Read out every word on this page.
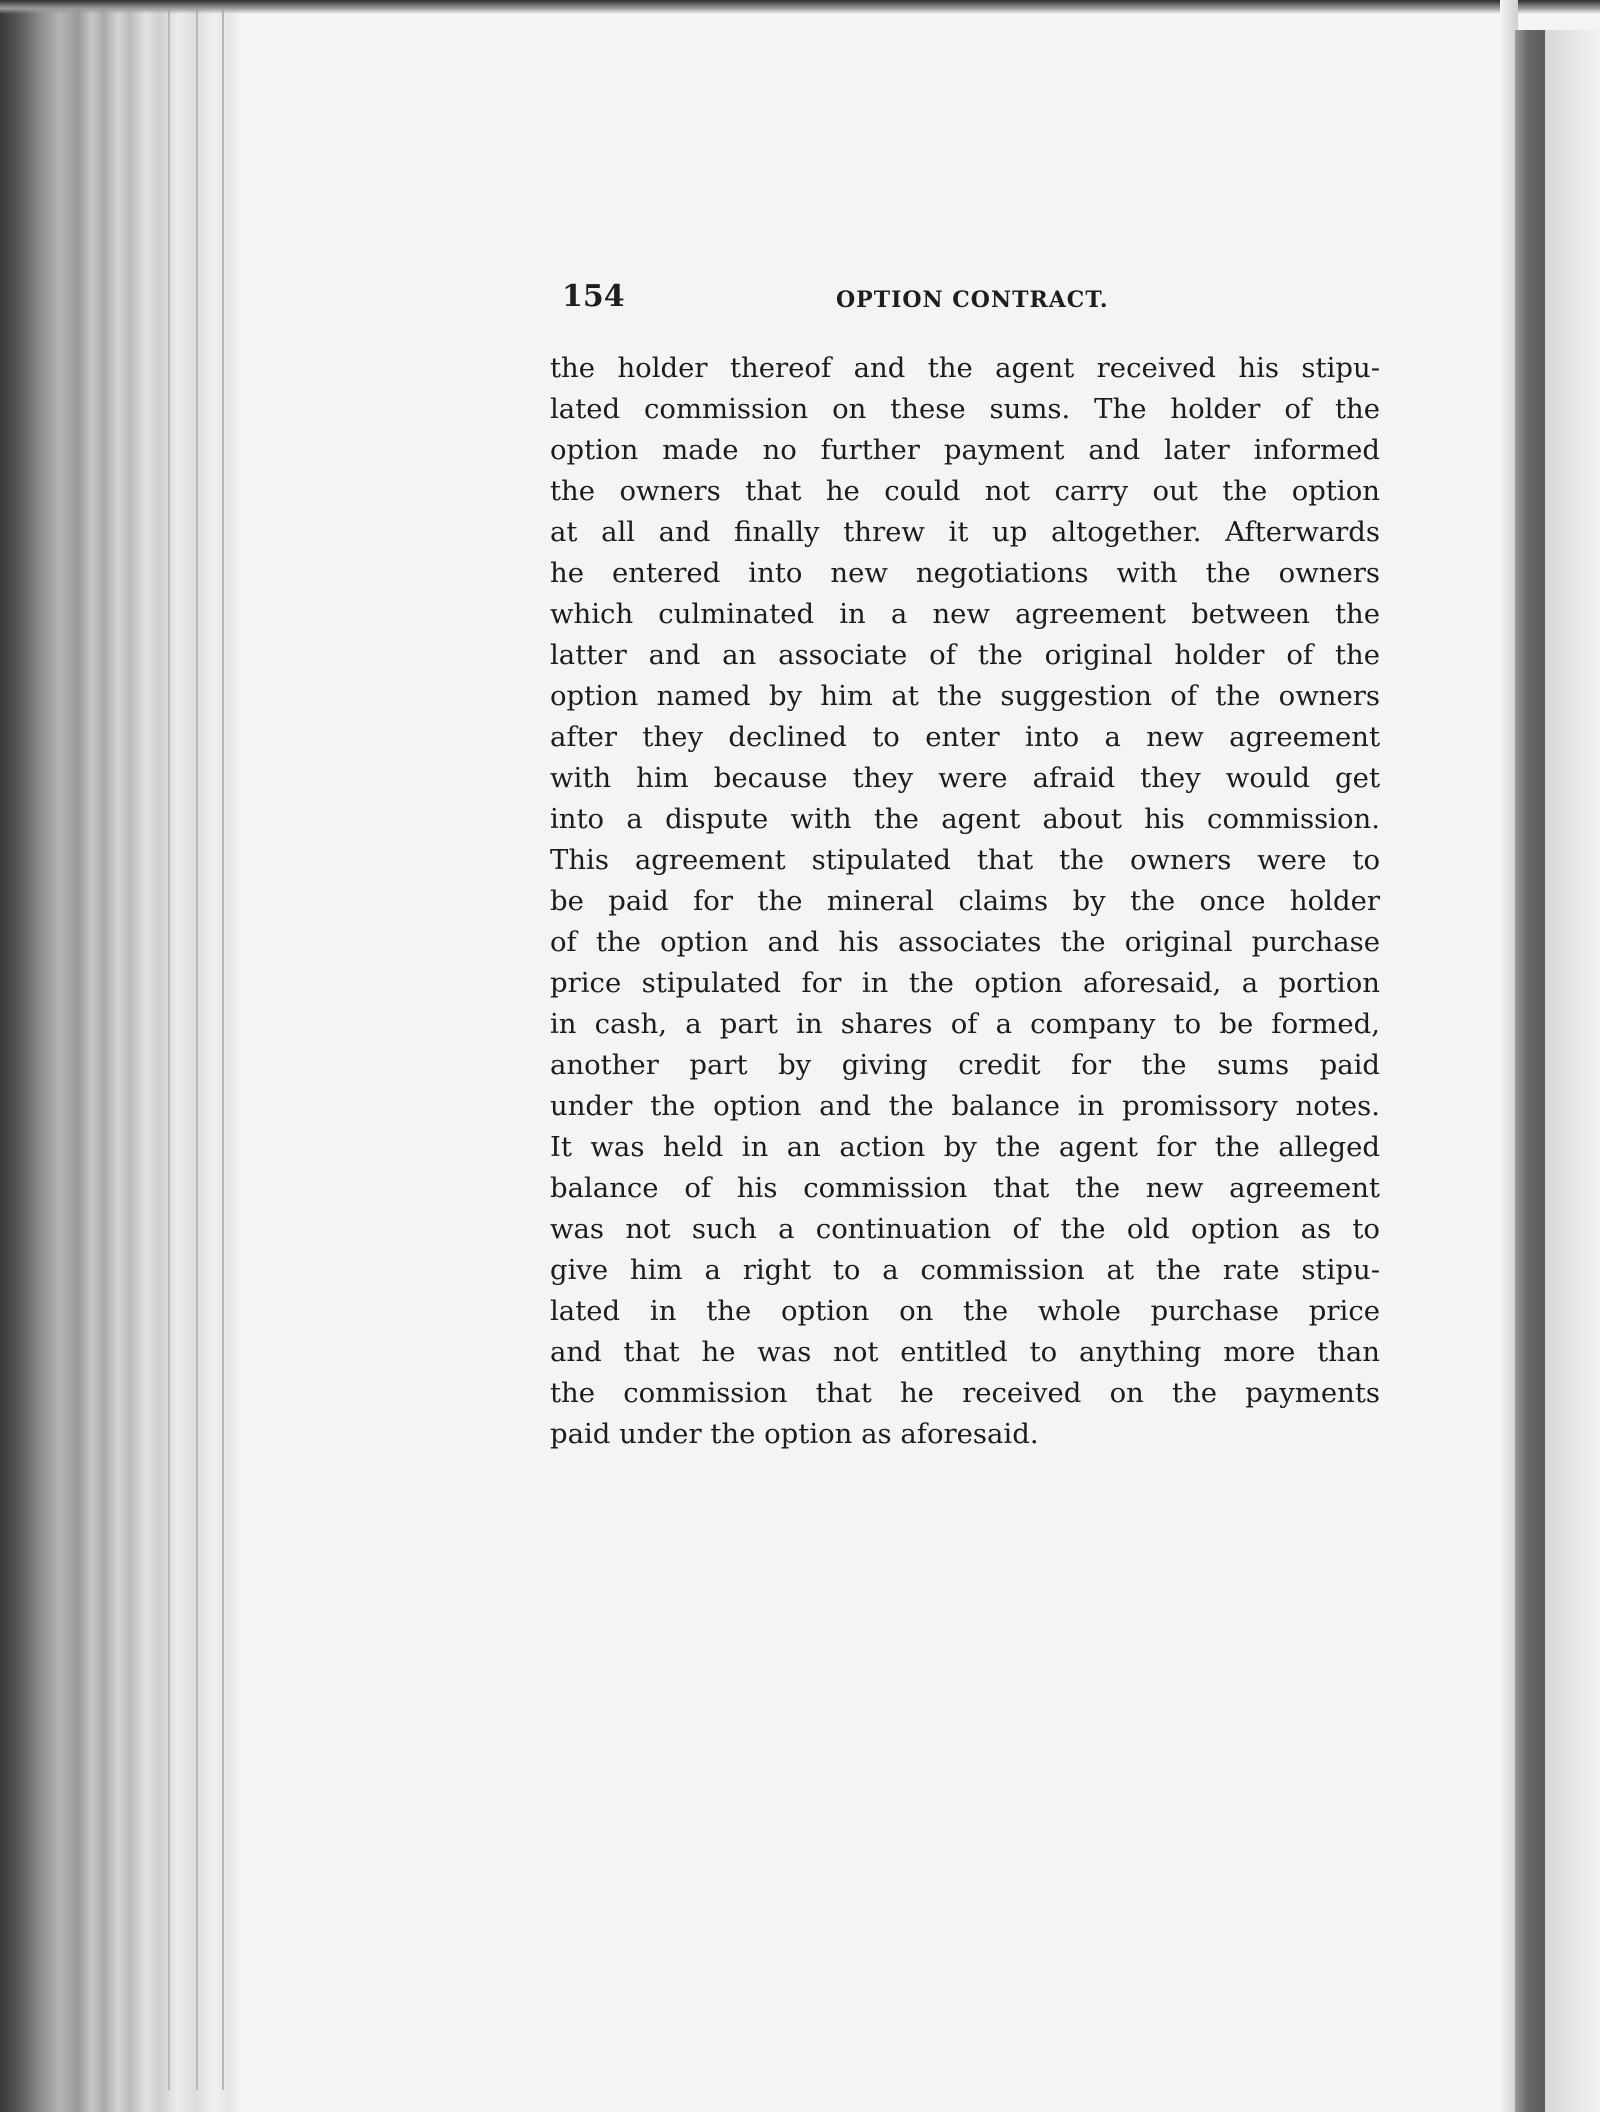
154	OPTION CONTRACT.

the holder thereof and the agent received his stipu-
lated commission on these sums. The holder of the
option made no further payment and later informed
the owners that he could not carry out the option
at all and finally threw it up altogether. Afterwards
he entered into new negotiations with the owners
which culminated in a new agreement between the
latter and an associate of the original holder of the
option named by him at the suggestion of the owners
after they declined to enter into a new agreement
with him because they were afraid they would get
into a dispute with the agent about his commission.
This agreement stipulated that the owners were to
be paid for the mineral claims by the once holder
of the option and his associates the original purchase
price stipulated for in the option aforesaid, a portion
in cash, a part in shares of a company to be formed,
another part by giving credit for the sums paid
under the option and the balance in promissory notes.
It was held in an action by the agent for the alleged
balance of his commission that the new agreement
was not such a continuation of the old option as to
give him a right to a commission at the rate stipu-
lated in the option on the whole purchase price
and that he was not entitled to anything more than
the commission that he received on the payments
paid under the option as aforesaid.
